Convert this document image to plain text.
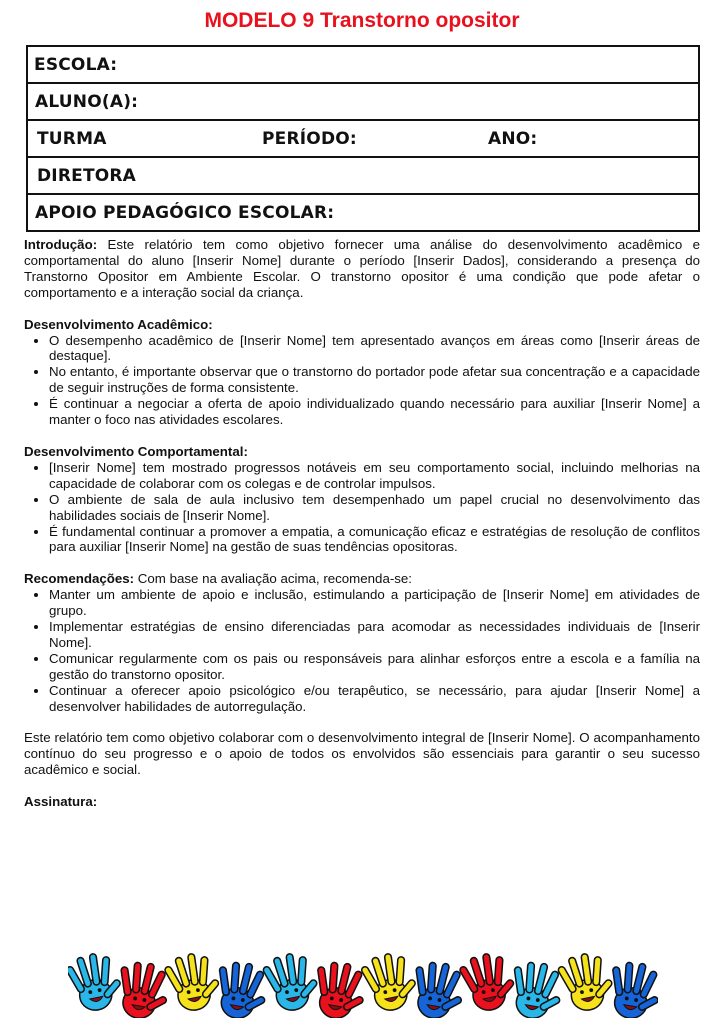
MODELO 9 Transtorno opositor
ESCOLA:
ALUNO(A):
TURMA	PERÍODO:	ANO:
DIRETORA
APOIO PEDAGÓGICO ESCOLAR:

Introdução: Este relatório tem como objetivo fornecer uma análise do desenvolvimento acadêmico e comportamental do aluno [Inserir Nome] durante o período [Inserir Dados], considerando a presença do Transtorno Opositor em Ambiente Escolar. O transtorno opositor é uma condição que pode afetar o comportamento e a interação social da criança.

Desenvolvimento Acadêmico:

• O desempenho acadêmico de [Inserir Nome] tem apresentado avanços em áreas como [Inserir áreas de destaque].
• No entanto, é importante observar que o transtorno do portador pode afetar sua concentração e a capacidade de seguir instruções de forma consistente.
• É continuar a negociar a oferta de apoio individualizado quando necessário para auxiliar [Inserir Nome] a manter o foco nas atividades escolares.

Desenvolvimento Comportamental:

• [Inserir Nome] tem mostrado progressos notáveis em seu comportamento social, incluindo melhorias na capacidade de colaborar com os colegas e de controlar impulsos.
• O ambiente de sala de aula inclusivo tem desempenhado um papel crucial no desenvolvimento das habilidades sociais de [Inserir Nome].
• É fundamental continuar a promover a empatia, a comunicação eficaz e estratégias de resolução de conflitos para auxiliar [Inserir Nome] na gestão de suas tendências opositoras.

Recomendações: Com base na avaliação acima, recomenda-se:

• Manter um ambiente de apoio e inclusão, estimulando a participação de [Inserir Nome] em atividades de grupo.
• Implementar estratégias de ensino diferenciadas para acomodar as necessidades individuais de [Inserir Nome].
• Comunicar regularmente com os pais ou responsáveis para alinhar esforços entre a escola e a família na gestão do transtorno opositor.
• Continuar a oferecer apoio psicológico e/ou terapêutico, se necessário, para ajudar [Inserir Nome] a desenvolver habilidades de autorregulação.

Este relatório tem como objetivo colaborar com o desenvolvimento integral de [Inserir Nome]. O acompanhamento contínuo do seu progresso e o apoio de todos os envolvidos são essenciais para garantir o seu sucesso acadêmico e social.

Assinatura:
